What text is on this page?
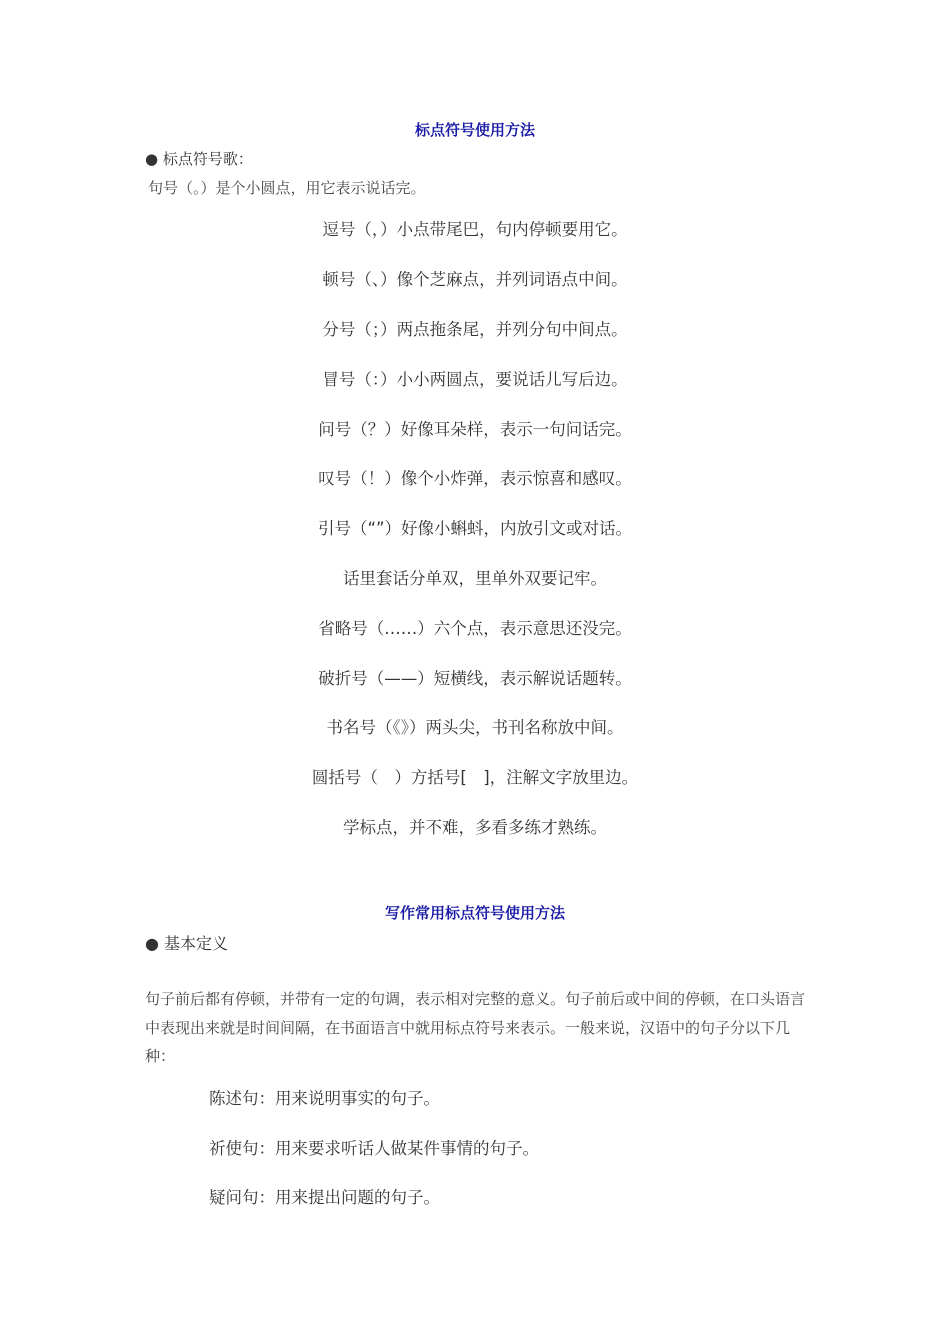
标点符号使用方法
● 标点符号歌：
句号（。）是个小圆点，用它表示说话完。
逗号（，）小点带尾巴，句内停顿要用它。
顿号（、）像个芝麻点，并列词语点中间。
分号（；）两点拖条尾，并列分句中间点。
冒号（：）小小两圆点，要说话儿写后边。
问号（？）好像耳朵样，表示一句问话完。
叹号（！）像个小炸弹，表示惊喜和感叹。
引号（“”）好像小蝌蚪，内放引文或对话。
话里套话分单双，里单外双要记牢。
省略号（……）六个点，表示意思还没完。
破折号（——）短横线，表示解说话题转。
书名号（《》）两头尖，书刊名称放中间。
圆括号（　）方括号[　]，注解文字放里边。
学标点，并不难，多看多练才熟练。
写作常用标点符号使用方法
● 基本定义

句子前后都有停顿，并带有一定的句调，表示相对完整的意义。句子前后或中间的停顿，在口头语言中表现出来就是时间间隔，在书面语言中就用标点符号来表示。一般来说，汉语中的句子分以下几种：

陈述句：用来说明事实的句子。
祈使句：用来要求听话人做某件事情的句子。
疑问句：用来提出问题的句子。
